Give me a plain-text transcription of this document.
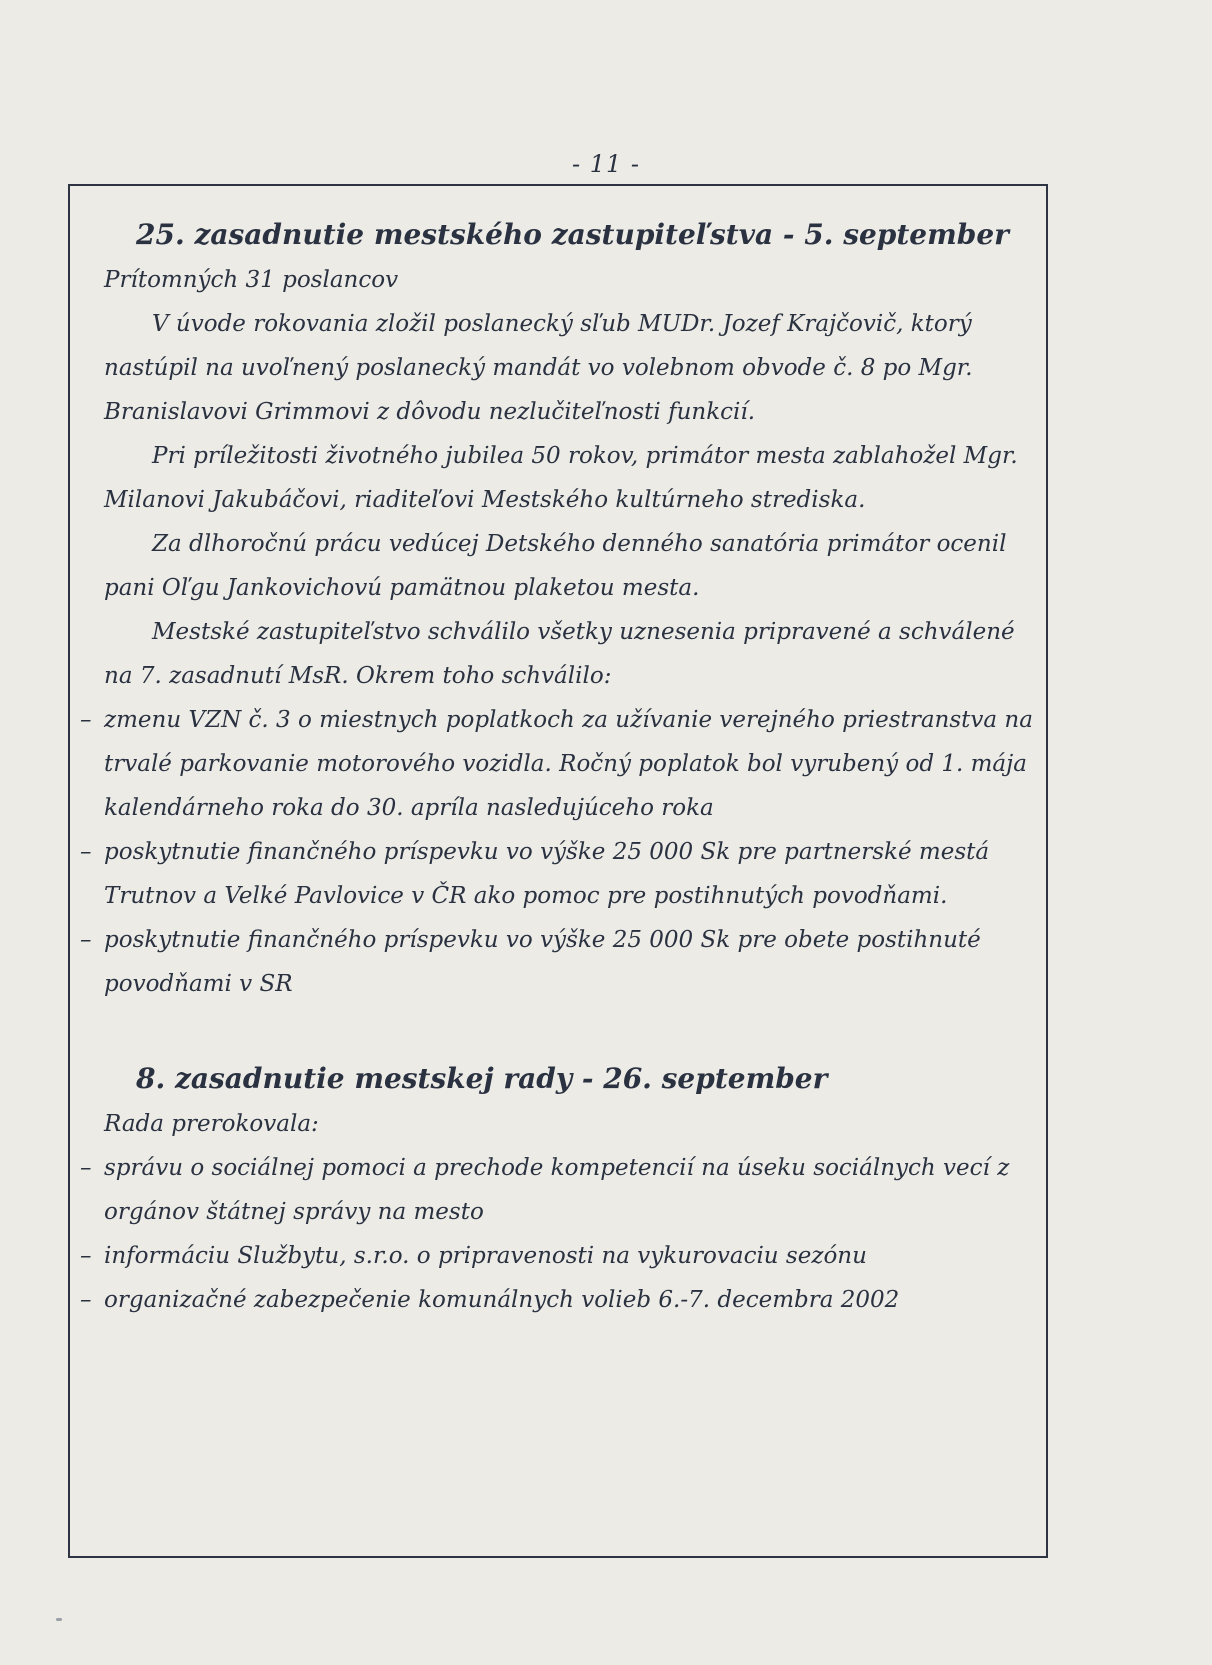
- 11 -
25. zasadnutie mestského zastupiteľstva - 5. september

Prítomných 31 poslancov

V úvode rokovania zložil poslanecký sľub MUDr. Jozef Krajčovič, ktorý nastúpil na uvoľnený poslanecký mandát vo volebnom obvode č. 8 po Mgr. Branislavovi Grimmovi z dôvodu nezlučiteľnosti funkcií.

Pri príležitosti životného jubilea 50 rokov, primátor mesta zablahožel Mgr. Milanovi Jakubáčovi, riaditeľovi Mestského kultúrneho strediska.

Za dlhoročnú prácu vedúcej Detského denného sanatória primátor ocenil pani Oľgu Jankovichovú pamätnou plaketou mesta.

Mestské zastupiteľstvo schválilo všetky uznesenia pripravené a schválené na 7. zasadnutí MsR. Okrem toho schválilo:

– zmenu VZN č. 3 o miestnych poplatkoch za užívanie verejného priestranstva na trvalé parkovanie motorového vozidla. Ročný poplatok bol vyrubený od 1. mája kalendárneho roka do 30. apríla nasledujúceho roka
– poskytnutie finančného príspevku vo výške 25 000 Sk pre partnerské mestá Trutnov a Velké Pavlovice v ČR ako pomoc pre postihnutých povodňami.
– poskytnutie finančného príspevku vo výške 25 000 Sk pre obete postihnuté povodňami v SR
8. zasadnutie mestskej rady - 26. september

Rada prerokovala:

– správu o sociálnej pomoci a prechode kompetencií na úseku sociálnych vecí z orgánov štátnej správy na mesto
– informáciu Službytu, s.r.o. o pripravenosti na vykurovaciu sezónu
– organizačné zabezpečenie komunálnych volieb 6.-7. decembra 2002
